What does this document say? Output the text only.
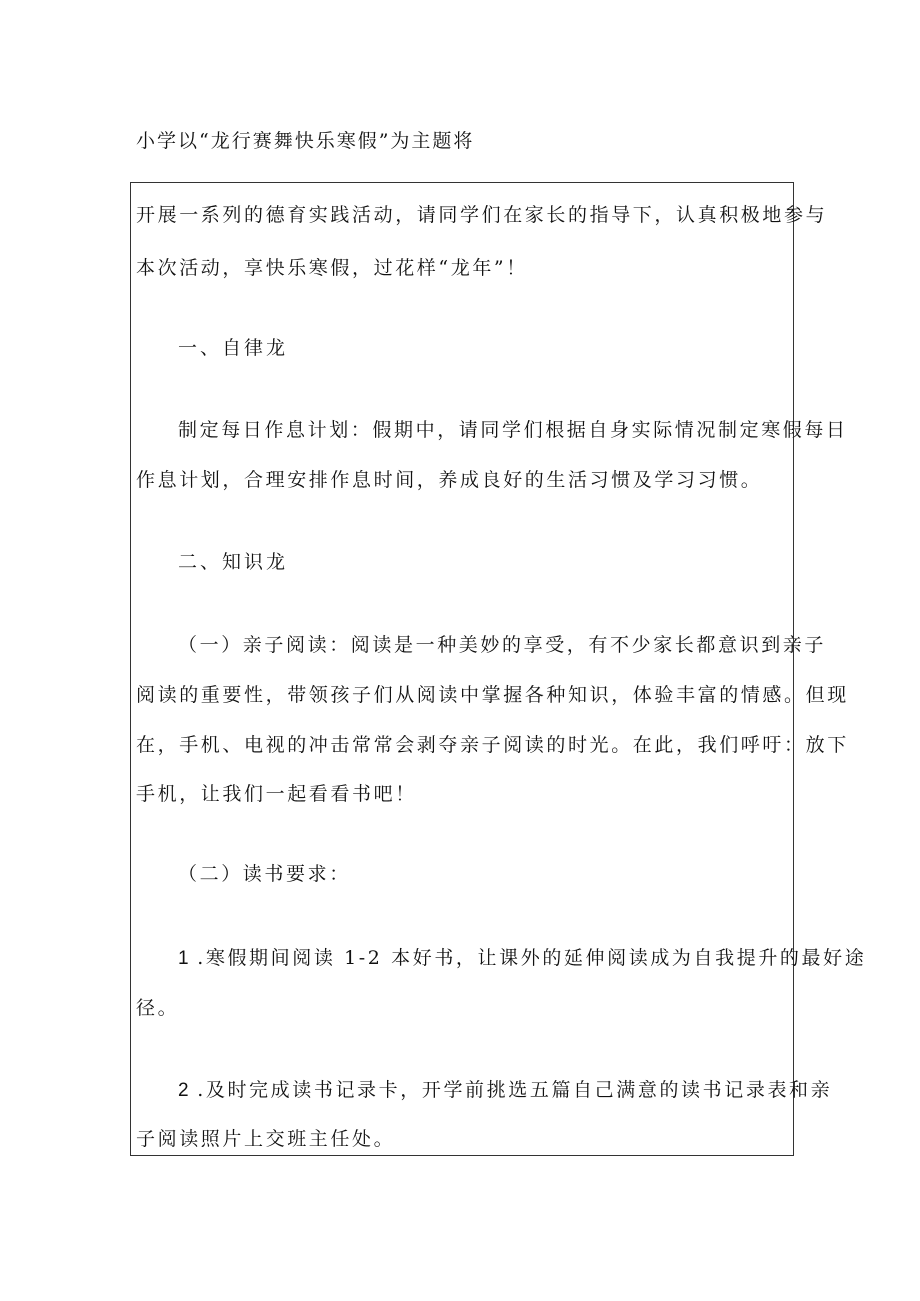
小学以“龙行赛舞快乐寒假”为主题将
开展一系列的德育实践活动，请同学们在家长的指导下，认真积极地参与
本次活动，享快乐寒假，过花样“龙年”！
一、自律龙
制定每日作息计划：假期中，请同学们根据自身实际情况制定寒假每日
作息计划，合理安排作息时间，养成良好的生活习惯及学习习惯。
二、知识龙
（一）亲子阅读：阅读是一种美妙的享受，有不少家长都意识到亲子
阅读的重要性，带领孩子们从阅读中掌握各种知识，体验丰富的情感。但现
在，手机、电视的冲击常常会剥夺亲子阅读的时光。在此，我们呼吁：放下
手机，让我们一起看看书吧！
（二）读书要求：
1 .寒假期间阅读 1-2 本好书，让课外的延伸阅读成为自我提升的最好途
径。
2 .及时完成读书记录卡，开学前挑选五篇自己满意的读书记录表和亲
子阅读照片上交班主任处。
